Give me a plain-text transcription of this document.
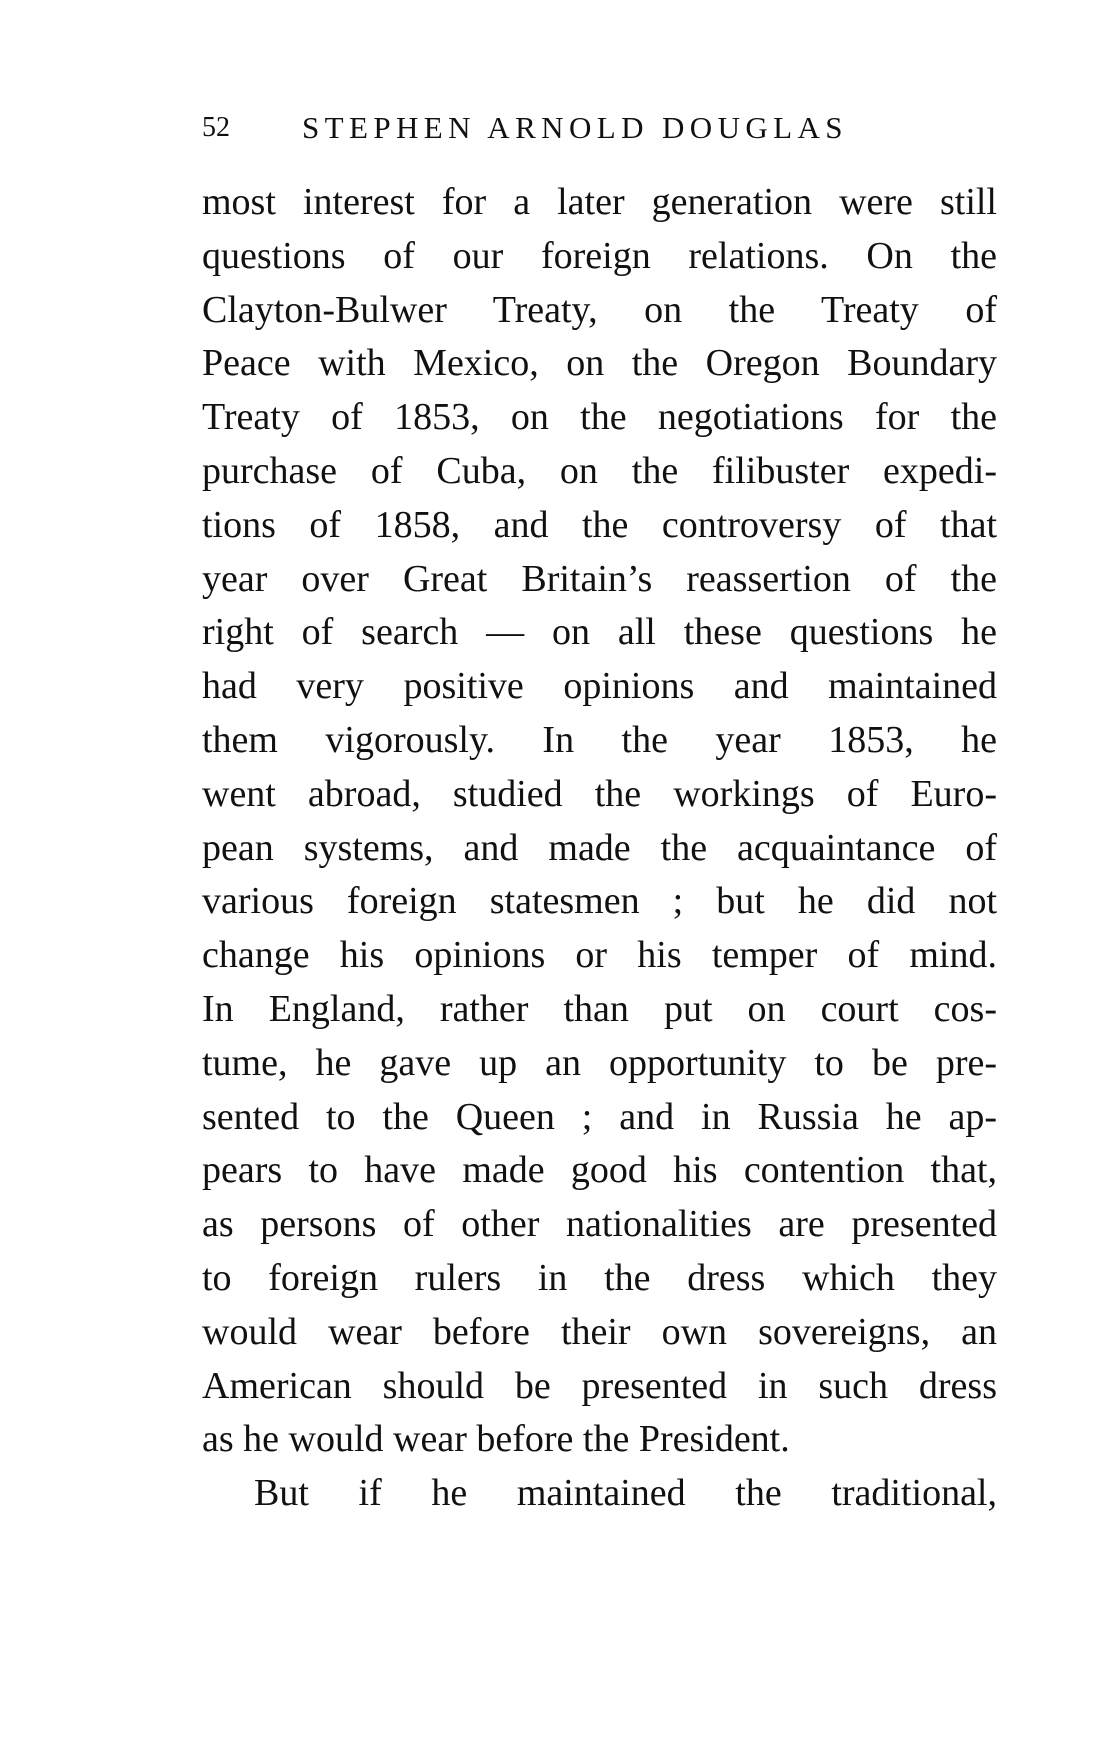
52 STEPHEN ARNOLD DOUGLAS
most interest for a later generation were still
questions of our foreign relations. On the
Clayton-Bulwer Treaty, on the Treaty of
Peace with Mexico, on the Oregon Boundary
Treaty of 1853, on the negotiations for the
purchase of Cuba, on the filibuster expedi-
tions of 1858, and the controversy of that
year over Great Britain’s reassertion of the
right of search — on all these questions he
had very positive opinions and maintained
them vigorously. In the year 1853, he
went abroad, studied the workings of Euro-
pean systems, and made the acquaintance of
various foreign statesmen ; but he did not
change his opinions or his temper of mind.
In England, rather than put on court cos-
tume, he gave up an opportunity to be pre-
sented to the Queen ; and in Russia he ap-
pears to have made good his contention that,
as persons of other nationalities are presented
to foreign rulers in the dress which they
would wear before their own sovereigns, an
American should be presented in such dress
as he would wear before the President.
But if he maintained the traditional,
